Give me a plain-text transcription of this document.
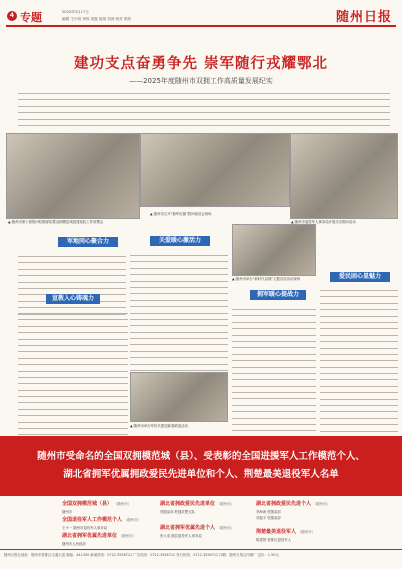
4 专题	2025年3月17日
编辑 王小明 审校 周磊 组版 刘涛 校对 张欣	随州日报
建功支点奋勇争先 崇军随行戎耀鄂北
——2025年度随州市双拥工作高质量发展纪实
▲ 随州市第十届慰问驻随部队暨双拥模范城创建迎检工作部署会
▲ 随州市召开“拥军优属”慰问座谈会现场
▲ 随州市退役军人事务局开展走访慰问活动
军地同心聚合力
宣教入心铸魂力
关爱暖心激活力
▲ 随州市举办军民共建迎新春联谊活动
▲ 随州市举办“新时代双拥”主题宣传活动现场
拥军暖心提战力
爱民固心显魅力
随州市受命名的全国双拥模范城（县）、受表彰的全国进援军人工作模范个人、
湖北省拥军优属拥政爱民先进单位和个人、荆楚最美退役军人名单
全国双拥模范城（县） （随州市）
随州市
全国退役军人工作模范个人 （随州市）
王小一 随州市退役军人事务局
湖北省拥军优属先进单位 （随州市）
随州市人民政府
湖北省拥政爱民先进单位 （随州市）
驻随某部 驻随武警支队
湖北省拥军优属先进个人 （随州市）
张大成 随县退役军人事务局
湖北省拥政爱民先进个人 （随州市）
李海涛 驻随某部
刘振宇 驻随某部
荆楚最美退役军人 （随州市）
陈建国 曾都区退役军人
随州日报社地址：随州市曾都区交通大道 邮编：441300 新闻热线：0722-3556712 广告热线：0722-3556712 发行热线：0722-3556712 印刷：随州日报社印刷厂 定价：1.50元
